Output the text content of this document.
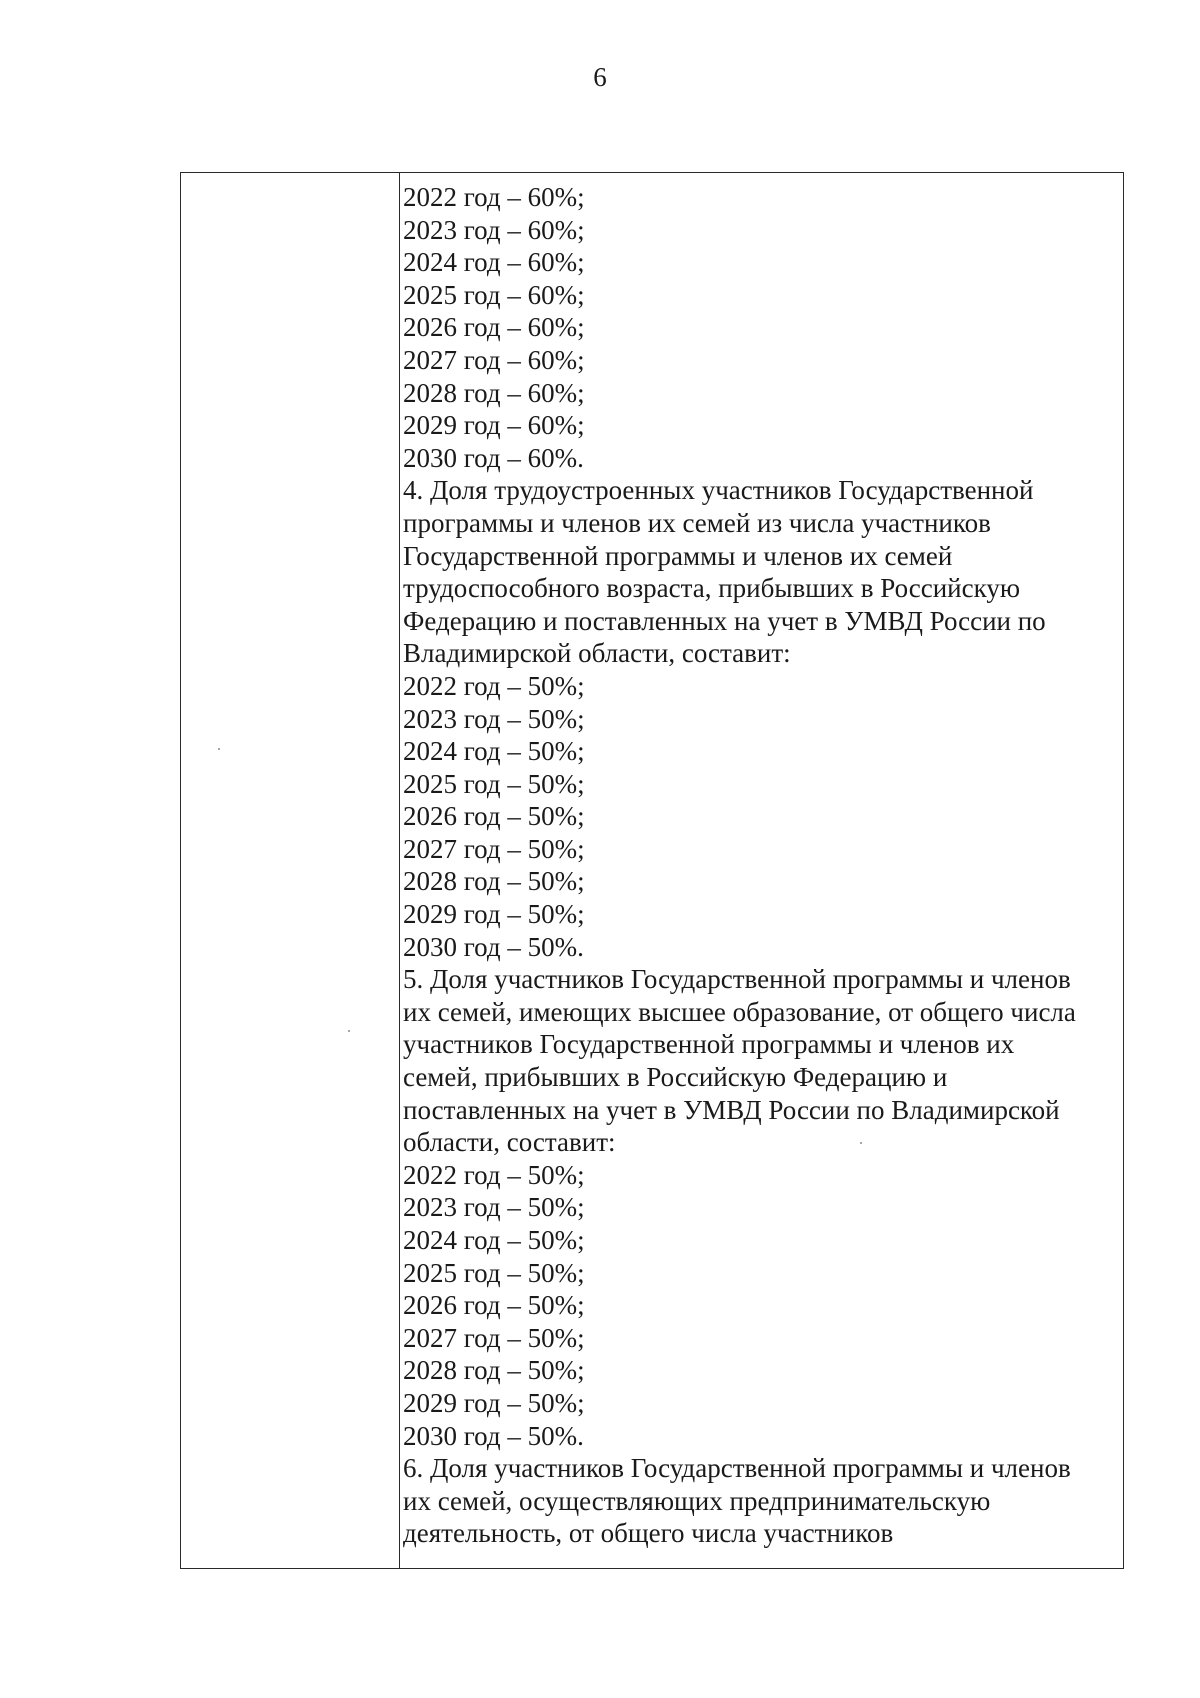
6
2022 год – 60%;
2023 год – 60%;
2024 год – 60%;
2025 год – 60%;
2026 год – 60%;
2027 год – 60%;
2028 год – 60%;
2029 год – 60%;
2030 год – 60%.
4. Доля трудоустроенных участников Государственной
программы и членов их семей из числа участников
Государственной программы и членов их семей
трудоспособного возраста, прибывших в Российскую
Федерацию и поставленных на учет в УМВД России по
Владимирской области, составит:
2022 год – 50%;
2023 год – 50%;
2024 год – 50%;
2025 год – 50%;
2026 год – 50%;
2027 год – 50%;
2028 год – 50%;
2029 год – 50%;
2030 год – 50%.
5. Доля участников Государственной программы и членов
их семей, имеющих высшее образование, от общего числа
участников Государственной программы и членов их
семей, прибывших в Российскую Федерацию и
поставленных на учет в УМВД России по Владимирской
области, составит:
2022 год – 50%;
2023 год – 50%;
2024 год – 50%;
2025 год – 50%;
2026 год – 50%;
2027 год – 50%;
2028 год – 50%;
2029 год – 50%;
2030 год – 50%.
6. Доля участников Государственной программы и членов
их семей, осуществляющих предпринимательскую
деятельность, от общего числа участников
